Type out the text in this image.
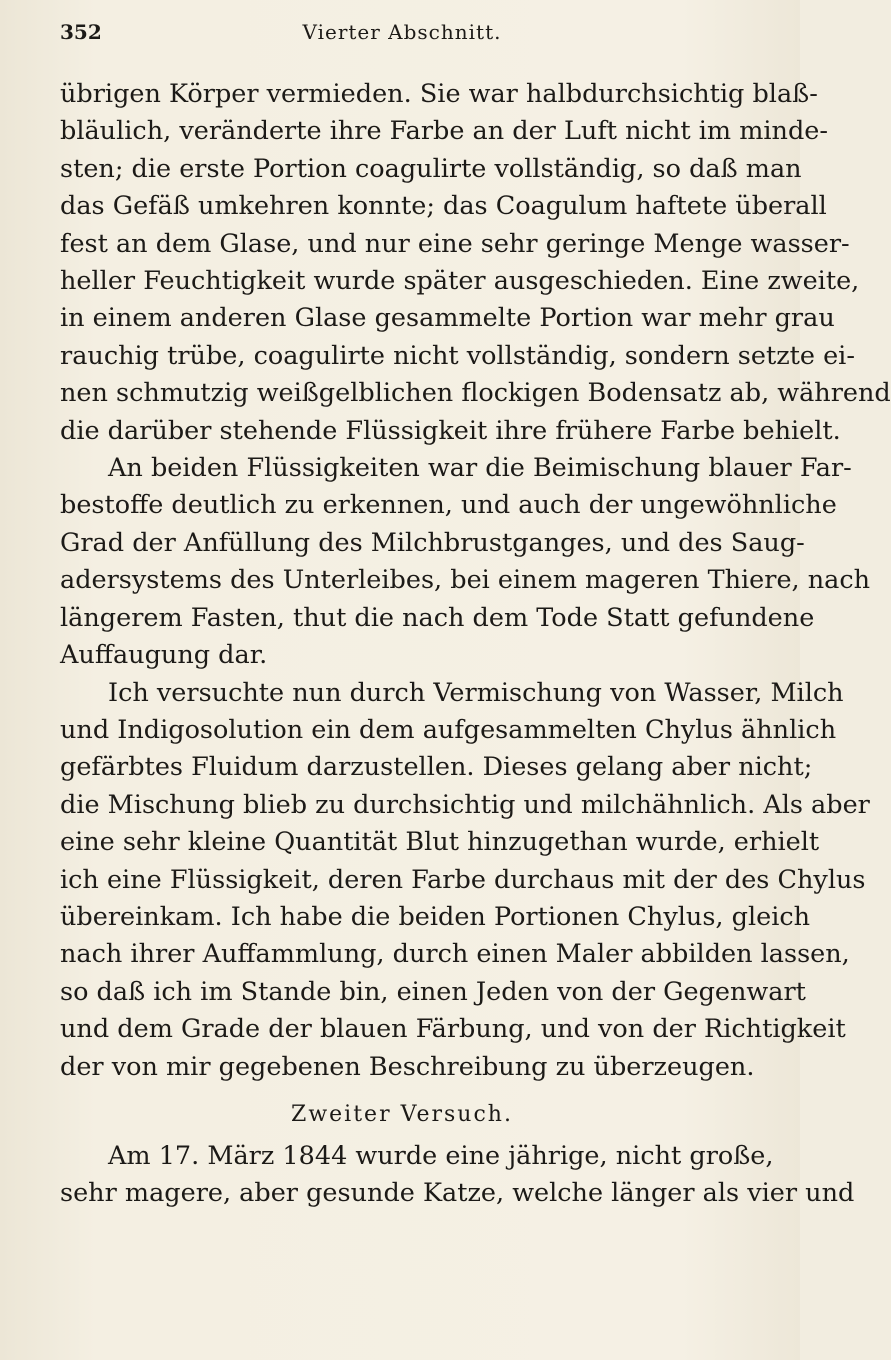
352	Vierter Abschnitt.
übrigen Körper vermieden. Sie war halbdurchsichtig blaß-
bläulich, veränderte ihre Farbe an der Luft nicht im minde-
sten; die erste Portion coagulirte vollständig, so daß man
das Gefäß umkehren konnte; das Coagulum haftete überall
fest an dem Glase, und nur eine sehr geringe Menge wasser-
heller Feuchtigkeit wurde später ausgeschieden. Eine zweite,
in einem anderen Glase gesammelte Portion war mehr grau
rauchig trübe, coagulirte nicht vollständig, sondern setzte ei-
nen schmutzig weißgelblichen flockigen Bodensatz ab, während
die darüber stehende Flüssigkeit ihre frühere Farbe behielt.
An beiden Flüssigkeiten war die Beimischung blauer Far-
bestoffe deutlich zu erkennen, und auch der ungewöhnliche
Grad der Anfüllung des Milchbrustganges, und des Saug-
adersystems des Unterleibes, bei einem mageren Thiere, nach
längerem Fasten, thut die nach dem Tode Statt gefundene
Auffaugung dar.
Ich versuchte nun durch Vermischung von Wasser, Milch
und Indigosolution ein dem aufgesammelten Chylus ähnlich
gefärbtes Fluidum darzustellen. Dieses gelang aber nicht;
die Mischung blieb zu durchsichtig und milchähnlich. Als aber
eine sehr kleine Quantität Blut hinzugethan wurde, erhielt
ich eine Flüssigkeit, deren Farbe durchaus mit der des Chylus
übereinkam. Ich habe die beiden Portionen Chylus, gleich
nach ihrer Auffammlung, durch einen Maler abbilden lassen,
so daß ich im Stande bin, einen Jeden von der Gegenwart
und dem Grade der blauen Färbung, und von der Richtigkeit
der von mir gegebenen Beschreibung zu überzeugen.
Zweiter Versuch.
Am 17. März 1844 wurde eine jährige, nicht große,
sehr magere, aber gesunde Katze, welche länger als vier und
